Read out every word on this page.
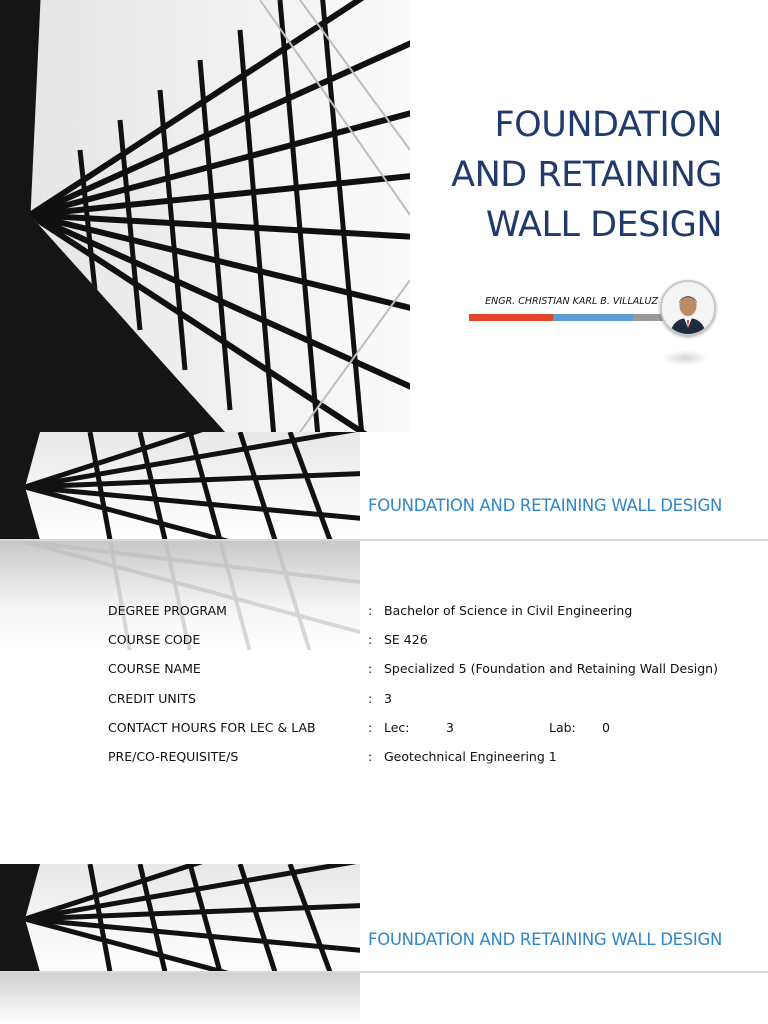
FOUNDATION
AND RETAINING
WALL DESIGN
ENGR. CHRISTIAN KARL B. VILLALUZ
FOUNDATION AND RETAINING WALL DESIGN
DEGREE PROGRAM	: Bachelor of Science in Civil Engineering
COURSE CODE	: SE 426
COURSE NAME	: Specialized 5 (Foundation and Retaining Wall Design)
CREDIT UNITS	: 3
CONTACT HOURS FOR LEC & LAB	: Lec:	3	Lab: 0
PRE/CO-REQUISITE/S	: Geotechnical Engineering 1
FOUNDATION AND RETAINING WALL DESIGN
